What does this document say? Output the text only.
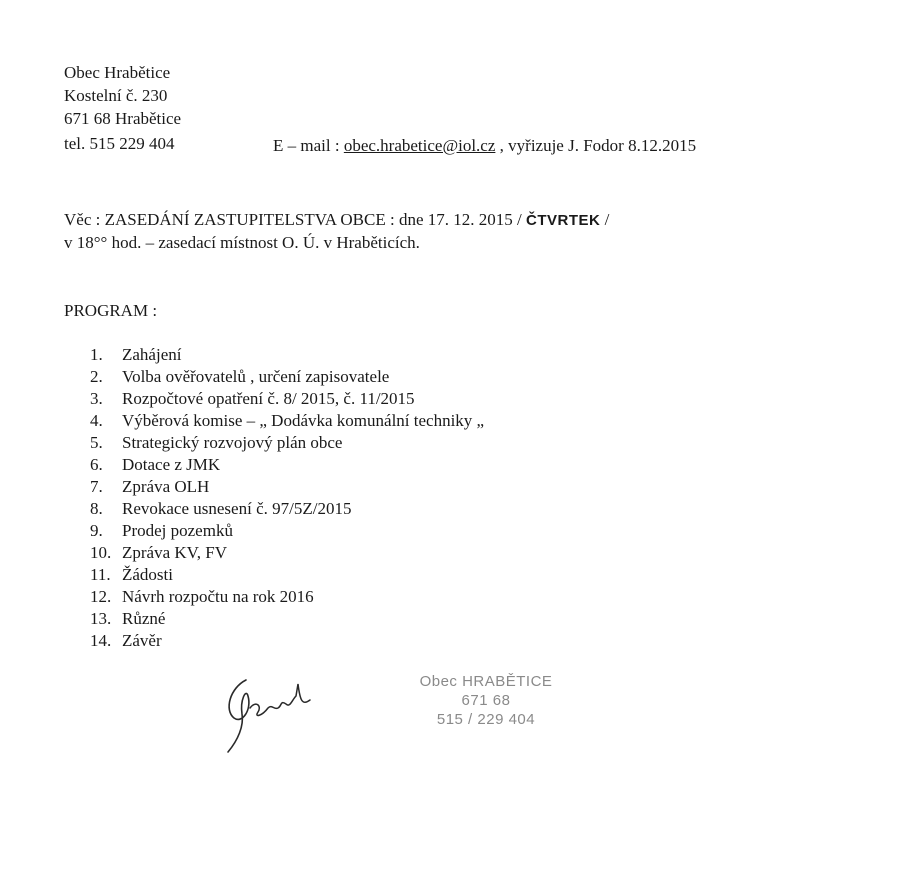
Obec Hrabětice
Kostelní č. 230
671 68 Hrabětice
tel. 515 229 404	E – mail : obec.hrabetice@iol.cz , vyřizuje J. Fodor 8.12.2015
Věc : ZASEDÁNÍ ZASTUPITELSTVA OBCE : dne 17. 12. 2015 / ČTVRTEK /
v 18°° hod. – zasedací místnost O. Ú. v Hraběticích.
PROGRAM :
1. Zahájení
2. Volba ověřovatelů , určení zapisovatele
3. Rozpočtové opatření č. 8/ 2015, č. 11/2015
4. Výběrová komise – „ Dodávka komunální techniky „
5. Strategický rozvojový plán obce
6. Dotace z JMK
7. Zpráva OLH
8. Revokace usnesení č. 97/5Z/2015
9. Prodej pozemků
10. Zpráva KV, FV
11. Žádosti
12. Návrh rozpočtu na rok 2016
13. Různé
14. Závěr
Obec HRABĚTICE
671 68
515 / 229 404
